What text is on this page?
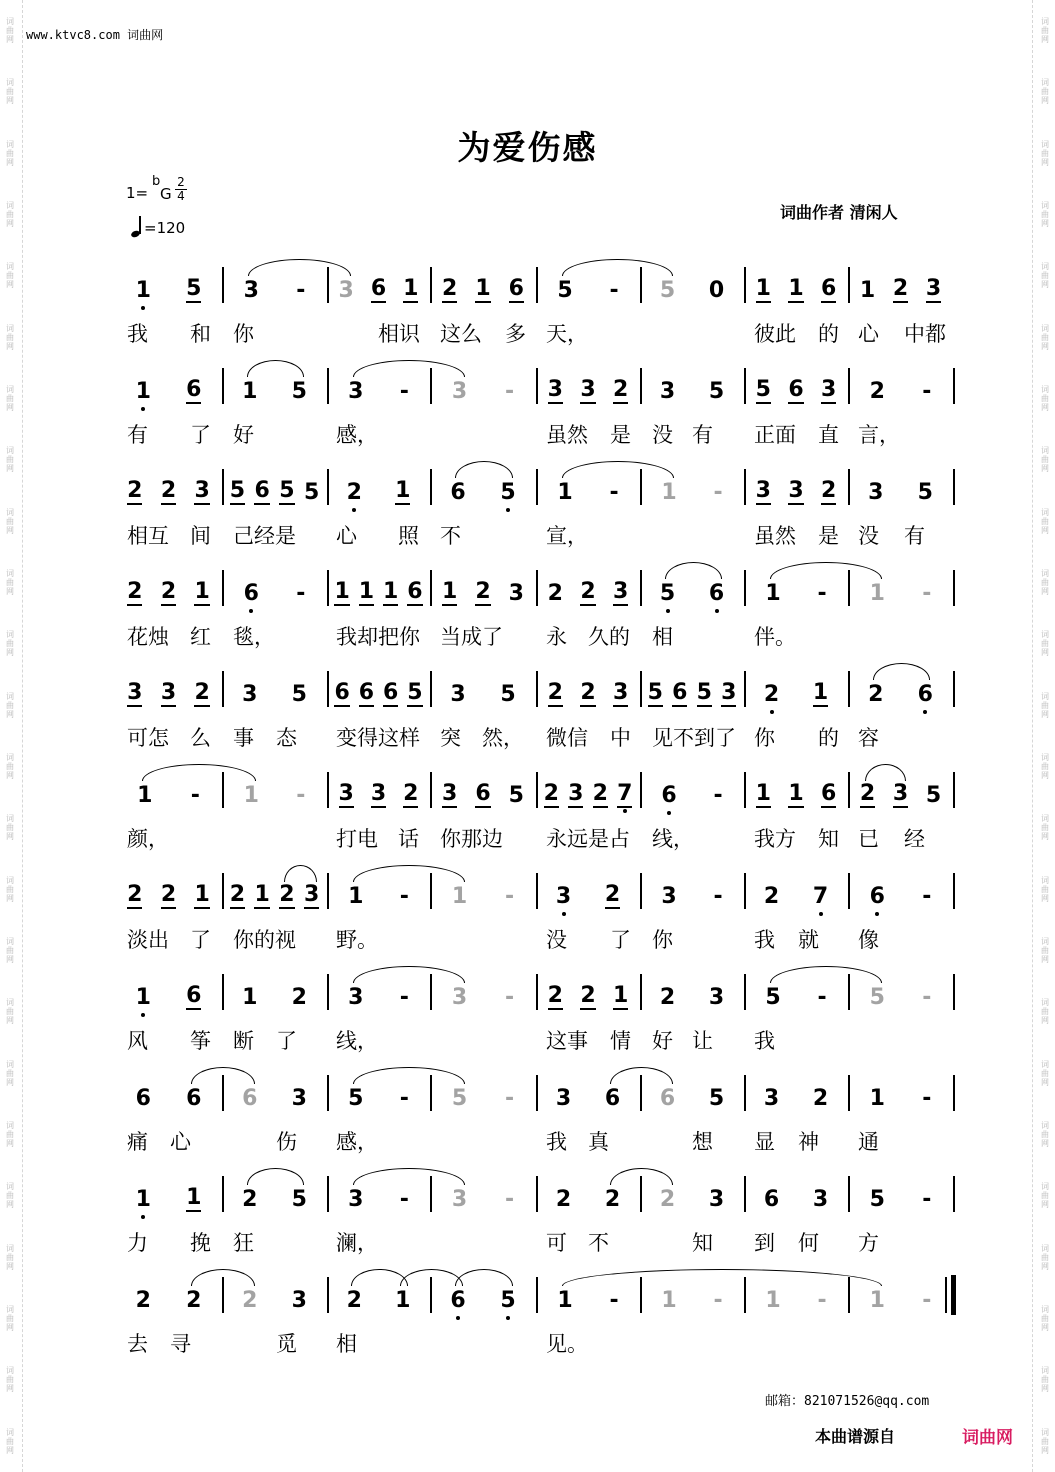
词曲网
词曲网
词曲网
词曲网
词曲网
词曲网
词曲网
词曲网
词曲网
词曲网
词曲网
词曲网
词曲网
词曲网
词曲网
词曲网
词曲网
词曲网
词曲网
词曲网
词曲网
词曲网
词曲网
词曲网
词曲网
词曲网
词曲网
词曲网
词曲网
词曲网
词曲网
词曲网
词曲网
词曲网
词曲网
词曲网
词曲网
词曲网
词曲网
词曲网
词曲网
词曲网
词曲网
词曲网
词曲网
词曲网
词曲网
词曲网
www.ktvc8.com 词曲网
为爱伤感
1=
b
G
2
4
=120
词曲作者 清闲人
1 5 3 - 3 6 1 2 1 6 5 - 5 0 1 1 6 1 2 3
我 和 你	相识 这么 多 天，	彼此 的 心 中都
1 6 1 5 3 - 3 - 3 3 2 3 5 5 6 3 2 -
有 了 好	感，	虽然 是 没 有 正面 直 言，
2 2 3 5 6 5 5 2 1 6 5 1 - 1 - 3 3 2 3 5
相互 间 己经是 心 照 不	宣，	虽然 是 没 有
2 2 1 6 - 1 1 1 6 1 2 3 2 2 3 5 6 1 - 1 -
花烛 红 毯，	我却把你 当成了 永 久的 相	伴。
3 3 2 3 5 6 6 6 5 3 5 2 2 3 5 6 5 3 2 1 2 6
可怎 么 事 态 变得这样 突 然， 微信 中 见不到了 你 的 容
1 - 1 - 3 3 2 3 6 5 2 3 2 7 6 - 1 1 6 2 3 5
颜，	打电 话 你那边 永远是占 线，	我方 知 已 经
2 2 1 2 1 2 3 1 - 1 - 3 2 3 - 2 7 6 -
淡出 了 你的视 野。	没 了 你	我 就 像
1 6 1 2 3 - 3 - 2 2 1 2 3 5 - 5 -
风 筝 断 了 线，	这事 情 好 让 我
6 6 6 3 5 - 5 - 3 6 6 5 3 2 1 -
痛 心	伤 感，	我 真	想 显 神 通
1 1 2 5 3 - 3 - 2 2 2 3 6 3 5 -
力 挽 狂	澜，	可 不	知 到 何 方
2 2 2 3 2 1 6 5 1 - 1 - 1 - 1 -
去 寻	觅 相	见。
邮箱：821071526@qq.com
本曲谱源自	词曲网
